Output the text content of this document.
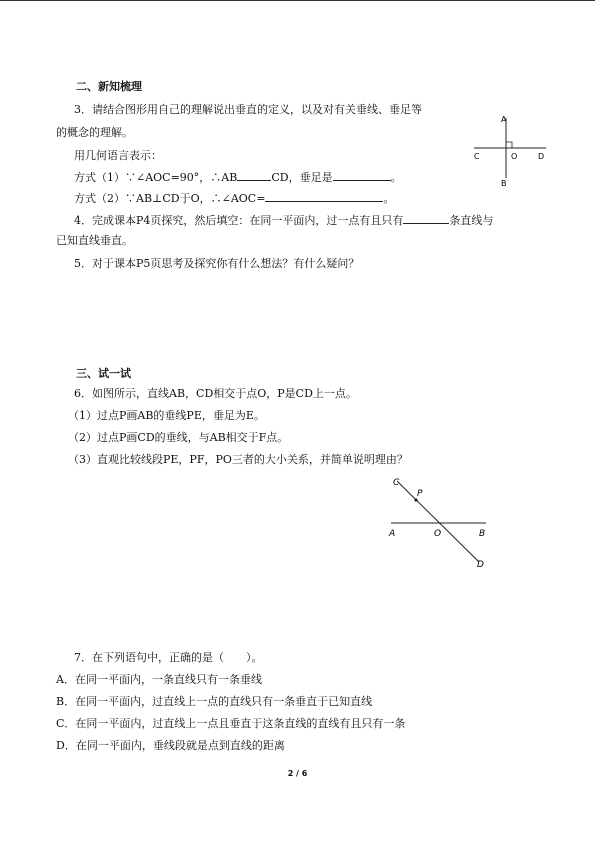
二、新知梳理
3．请结合图形用自己的理解说出垂直的定义，以及对有关垂线、垂足等
的概念的理解。
用几何语言表示：
方式（1）∵∠AOC=90°，∴AB	CD，垂足是	。
方式（2）∵AB⊥CD于O，∴∠AOC=	。
4．完成课本P4页探究，然后填空：在同一平面内，过一点有且只有	条直线与
已知直线垂直。
5．对于课本P5页思考及探究你有什么想法？有什么疑问？
A
B
C	O	D
三、试一试
6．如图所示，直线AB，CD相交于点O，P是CD上一点。
（1）过点P画AB的垂线PE，垂足为E。
（2）过点P画CD的垂线，与AB相交于F点。
（3）直观比较线段PE，PF，PO三者的大小关系，并简单说明理由？
C
P
A	O	B
D
7．在下列语句中，正确的是（　　）。
A．在同一平面内，一条直线只有一条垂线
B．在同一平面内，过直线上一点的直线只有一条垂直于已知直线
C．在同一平面内，过直线上一点且垂直于这条直线的直线有且只有一条
D．在同一平面内，垂线段就是点到直线的距离
2 / 6
